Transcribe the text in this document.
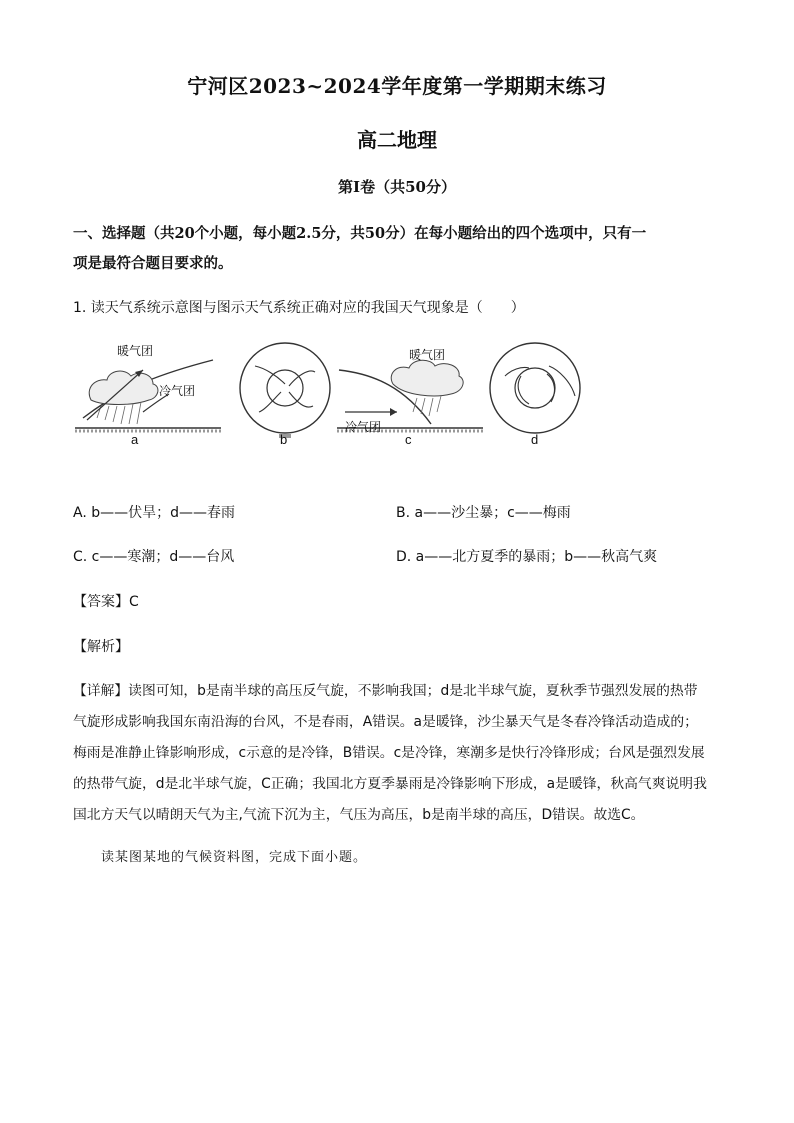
宁河区2023~2024学年度第一学期期末练习
高二地理
第Ⅰ卷（共50分）
一、选择题（共20个小题，每小题2.5分，共50分）在每小题给出的四个选项中，只有一
项是最符合题目要求的。
1. 读天气系统示意图与图示天气系统正确对应的我国天气现象是（　　）
暖气团
冷气团
暖气团
冷气团
a	b	c	d
A. b——伏旱；d——春雨	B. a——沙尘暴；c——梅雨
C. c——寒潮；d——台风	D. a——北方夏季的暴雨；b——秋高气爽
【答案】C
【解析】
【详解】读图可知，b是南半球的高压反气旋，不影响我国；d是北半球气旋，夏秋季节强烈发展的热带
气旋形成影响我国东南沿海的台风，不是春雨，A错误。a是暖锋，沙尘暴天气是冬春冷锋活动造成的；
梅雨是准静止锋影响形成，c示意的是冷锋，B错误。c是冷锋，寒潮多是快行冷锋形成；台风是强烈发展
的热带气旋，d是北半球气旋，C正确；我国北方夏季暴雨是冷锋影响下形成，a是暖锋，秋高气爽说明我
国北方天气以晴朗天气为主,气流下沉为主，气压为高压，b是南半球的高压，D错误。故选C。
读某图某地的气候资料图，完成下面小题。
